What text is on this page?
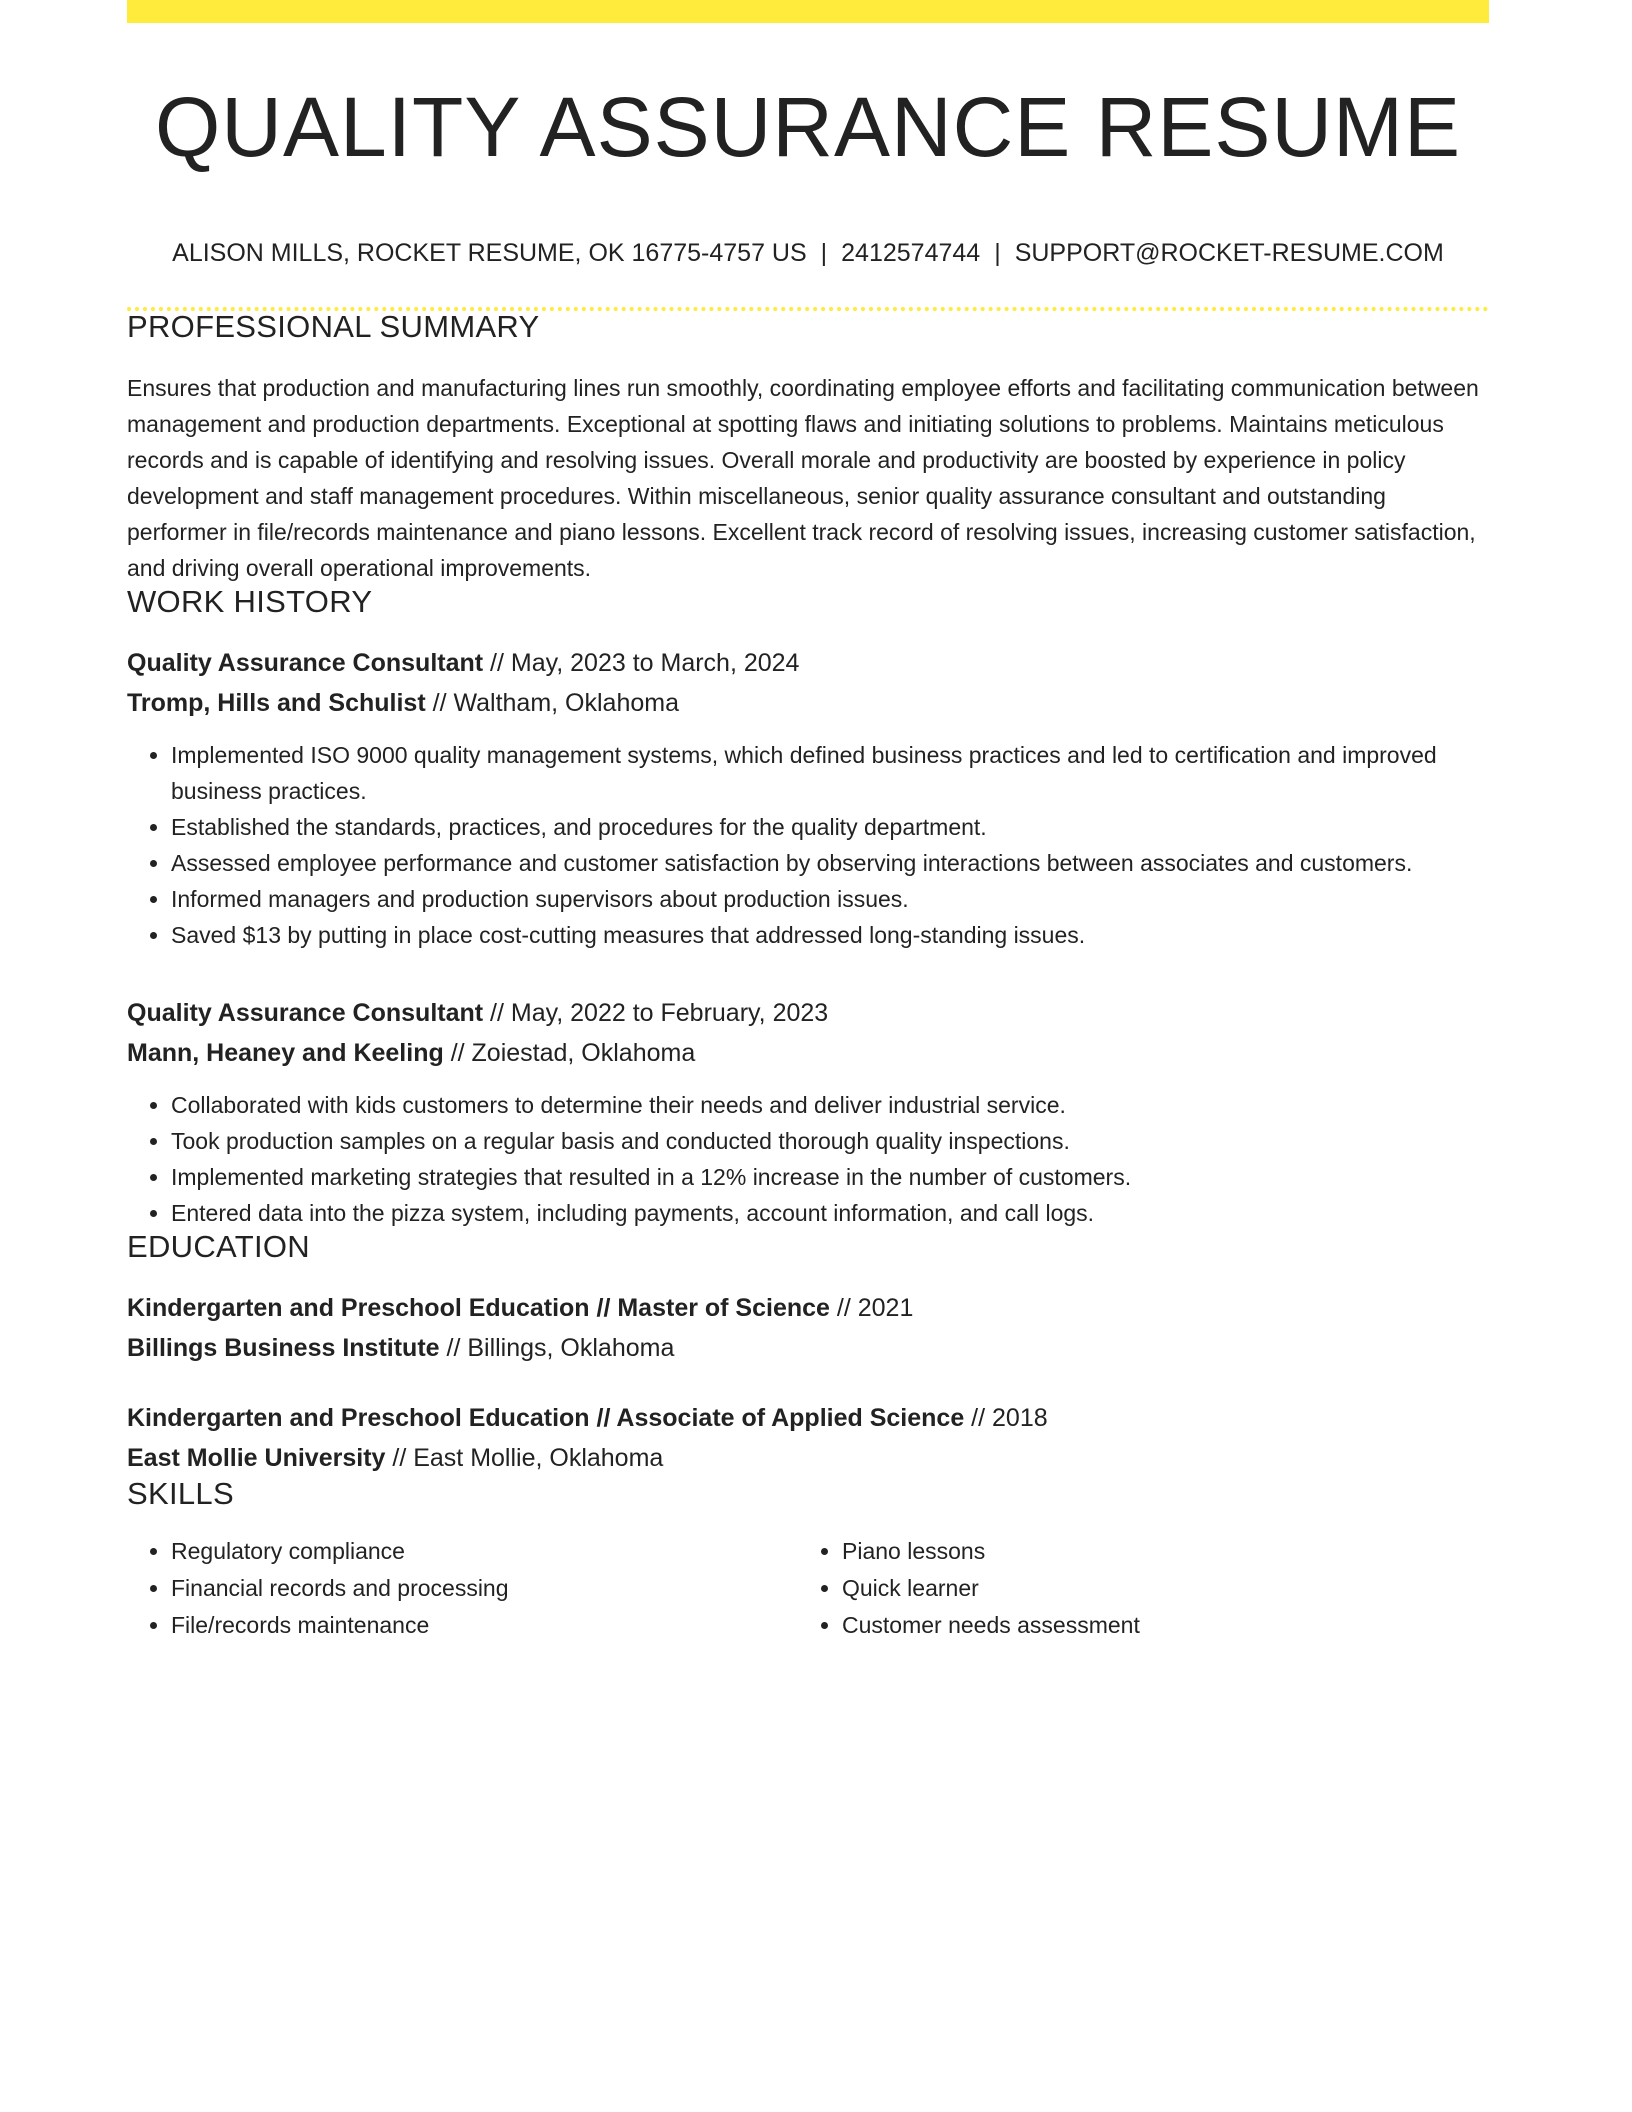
QUALITY ASSURANCE RESUME
ALISON MILLS, ROCKET RESUME, OK 16775-4757 US | 2412574744 | SUPPORT@ROCKET-RESUME.COM
PROFESSIONAL SUMMARY

Ensures that production and manufacturing lines run smoothly, coordinating employee efforts and facilitating communication between management and production departments. Exceptional at spotting flaws and initiating solutions to problems. Maintains meticulous records and is capable of identifying and resolving issues. Overall morale and productivity are boosted by experience in policy development and staff management procedures. Within miscellaneous, senior quality assurance consultant and outstanding performer in file/records maintenance and piano lessons. Excellent track record of resolving issues, increasing customer satisfaction, and driving overall operational improvements.

WORK HISTORY
Quality Assurance Consultant // May, 2023 to March, 2024
Tromp, Hills and Schulist // Waltham, Oklahoma
• Implemented ISO 9000 quality management systems, which defined business practices and led to certification and improved business practices.
• Established the standards, practices, and procedures for the quality department.
• Assessed employee performance and customer satisfaction by observing interactions between associates and customers.
• Informed managers and production supervisors about production issues.
• Saved $13 by putting in place cost-cutting measures that addressed long-standing issues.
Quality Assurance Consultant // May, 2022 to February, 2023
Mann, Heaney and Keeling // Zoiestad, Oklahoma
• Collaborated with kids customers to determine their needs and deliver industrial service.
• Took production samples on a regular basis and conducted thorough quality inspections.
• Implemented marketing strategies that resulted in a 12% increase in the number of customers.
• Entered data into the pizza system, including payments, account information, and call logs.
EDUCATION
Kindergarten and Preschool Education // Master of Science // 2021
Billings Business Institute // Billings, Oklahoma
Kindergarten and Preschool Education // Associate of Applied Science // 2018
East Mollie University // East Mollie, Oklahoma
SKILLS
• Regulatory compliance
• Financial records and processing
• File/records maintenance
• Piano lessons
• Quick learner
• Customer needs assessment
